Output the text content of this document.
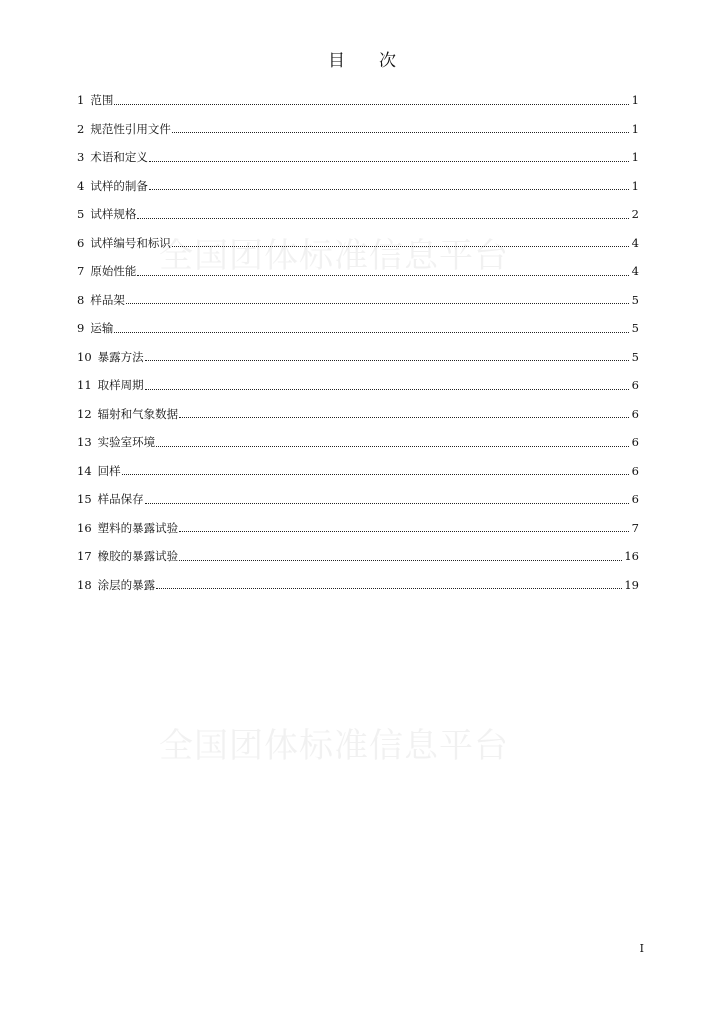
全国团体标准信息平台
全国团体标准信息平台
目 次
1 范围	1
2 规范性引用文件	1
3 术语和定义	1
4 试样的制备	1
5 试样规格	2
6 试样编号和标识	4
7 原始性能	4
8 样品架	5
9 运输	5
10 暴露方法	5
11 取样周期	6
12 辐射和气象数据	6
13 实验室环境	6
14 回样	6
15 样品保存	6
16 塑料的暴露试验	7
17 橡胶的暴露试验	16
18 涂层的暴露	19
I
